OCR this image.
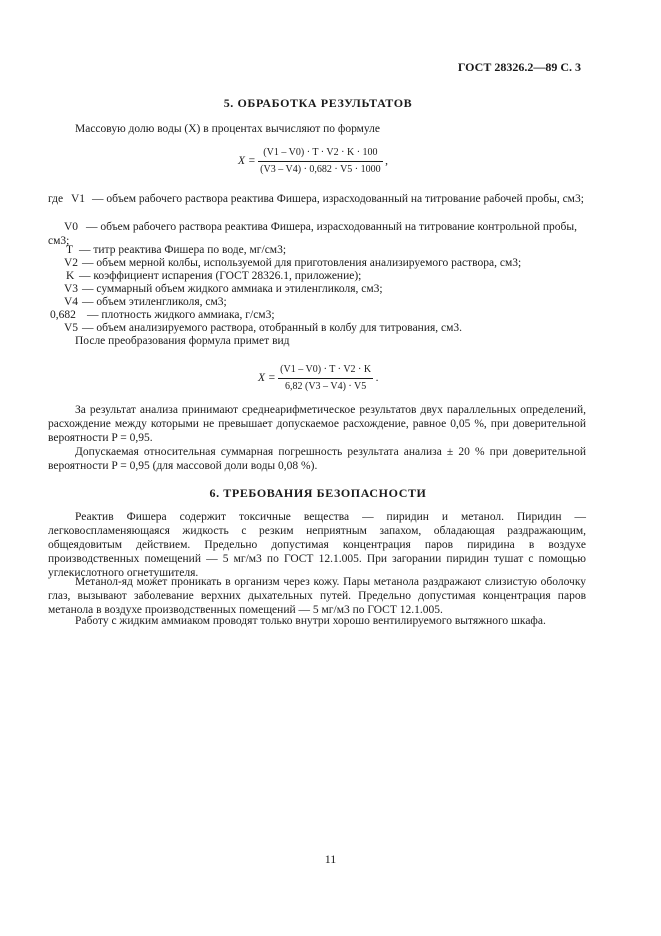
ГОСТ 28326.2—89 С. 3
5. ОБРАБОТКА РЕЗУЛЬТАТОВ
Массовую долю воды (X) в процентах вычисляют по формуле
$X = \frac{(V1 - V0) \cdot T \cdot V2 \cdot K \cdot 100}{(V3 - V4) \cdot 0,682 \cdot V5 \cdot 1000}$ ,
где V1 — объем рабочего раствора реактива Фишера, израсходованный на титрование рабочей пробы, см3;
V0 — объем рабочего раствора реактива Фишера, израсходованный на титрование контрольной пробы, см3;
T — титр реактива Фишера по воде, мг/см3;
V2 — объем мерной колбы, используемой для приготовления анализируемого раствора, см3;
K — коэффициент испарения (ГОСТ 28326.1, приложение);
V3 — суммарный объем жидкого аммиака и этиленгликоля, см3;
V4 — объем этиленгликоля, см3;
0,682 — плотность жидкого аммиака, г/см3;
V5 — объем анализируемого раствора, отобранный в колбу для титрования, см3.
После преобразования формула примет вид
$X = \frac{(V1 - V0) \cdot T \cdot V2 \cdot K}{6,82 (V3 - V4) \cdot V5}$ .
За результат анализа принимают среднеарифметическое результатов двух параллельных определений, расхождение между которыми не превышает допускаемое расхождение, равное 0,05 %, при доверительной вероятности P = 0,95.
Допускаемая относительная суммарная погрешность результата анализа ± 20 % при доверительной вероятности P = 0,95 (для массовой доли воды 0,08 %).
6. ТРЕБОВАНИЯ БЕЗОПАСНОСТИ
Реактив Фишера содержит токсичные вещества — пиридин и метанол. Пиридин — легковоспламеняющаяся жидкость с резким неприятным запахом, обладающая раздражающим, общеядовитым действием. Предельно допустимая концентрация паров пиридина в воздухе производственных помещений — 5 мг/м3 по ГОСТ 12.1.005. При загорании пиридин тушат с помощью углекислотного огнетушителя.
Метанол-яд может проникать в организм через кожу. Пары метанола раздражают слизистую оболочку глаз, вызывают заболевание верхних дыхательных путей. Предельно допустимая концентрация паров метанола в воздухе производственных помещений — 5 мг/м3 по ГОСТ 12.1.005.
Работу с жидким аммиаком проводят только внутри хорошо вентилируемого вытяжного шкафа.
11
